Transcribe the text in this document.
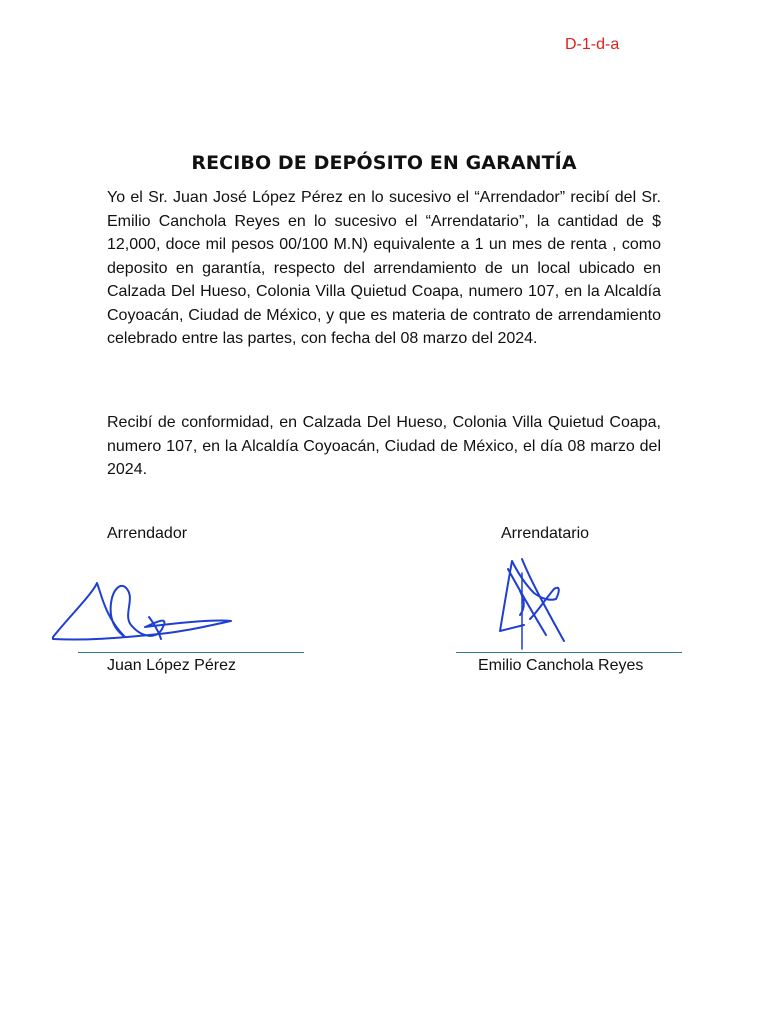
D-1-d-a
RECIBO DE DEPÓSITO EN GARANTÍA

Yo el Sr. Juan José López Pérez en lo sucesivo el “Arrendador” recibí del Sr. Emilio Canchola Reyes en lo sucesivo el “Arrendatario”, la cantidad de $ 12,000, doce mil pesos 00/100 M.N) equivalente a 1 un mes de renta , como deposito en garantía, respecto del arrendamiento de un local ubicado en Calzada Del Hueso, Colonia Villa Quietud Coapa, numero 107, en la Alcaldía Coyoacán, Ciudad de México, y que es materia de contrato de arrendamiento celebrado entre las partes, con fecha del 08 marzo del 2024.

Recibí de conformidad, en Calzada Del Hueso, Colonia Villa Quietud Coapa, numero 107, en la Alcaldía Coyoacán, Ciudad de México, el día 08 marzo del 2024.

Arrendador	Arrendatario
Juan López Pérez	Emilio Canchola Reyes
